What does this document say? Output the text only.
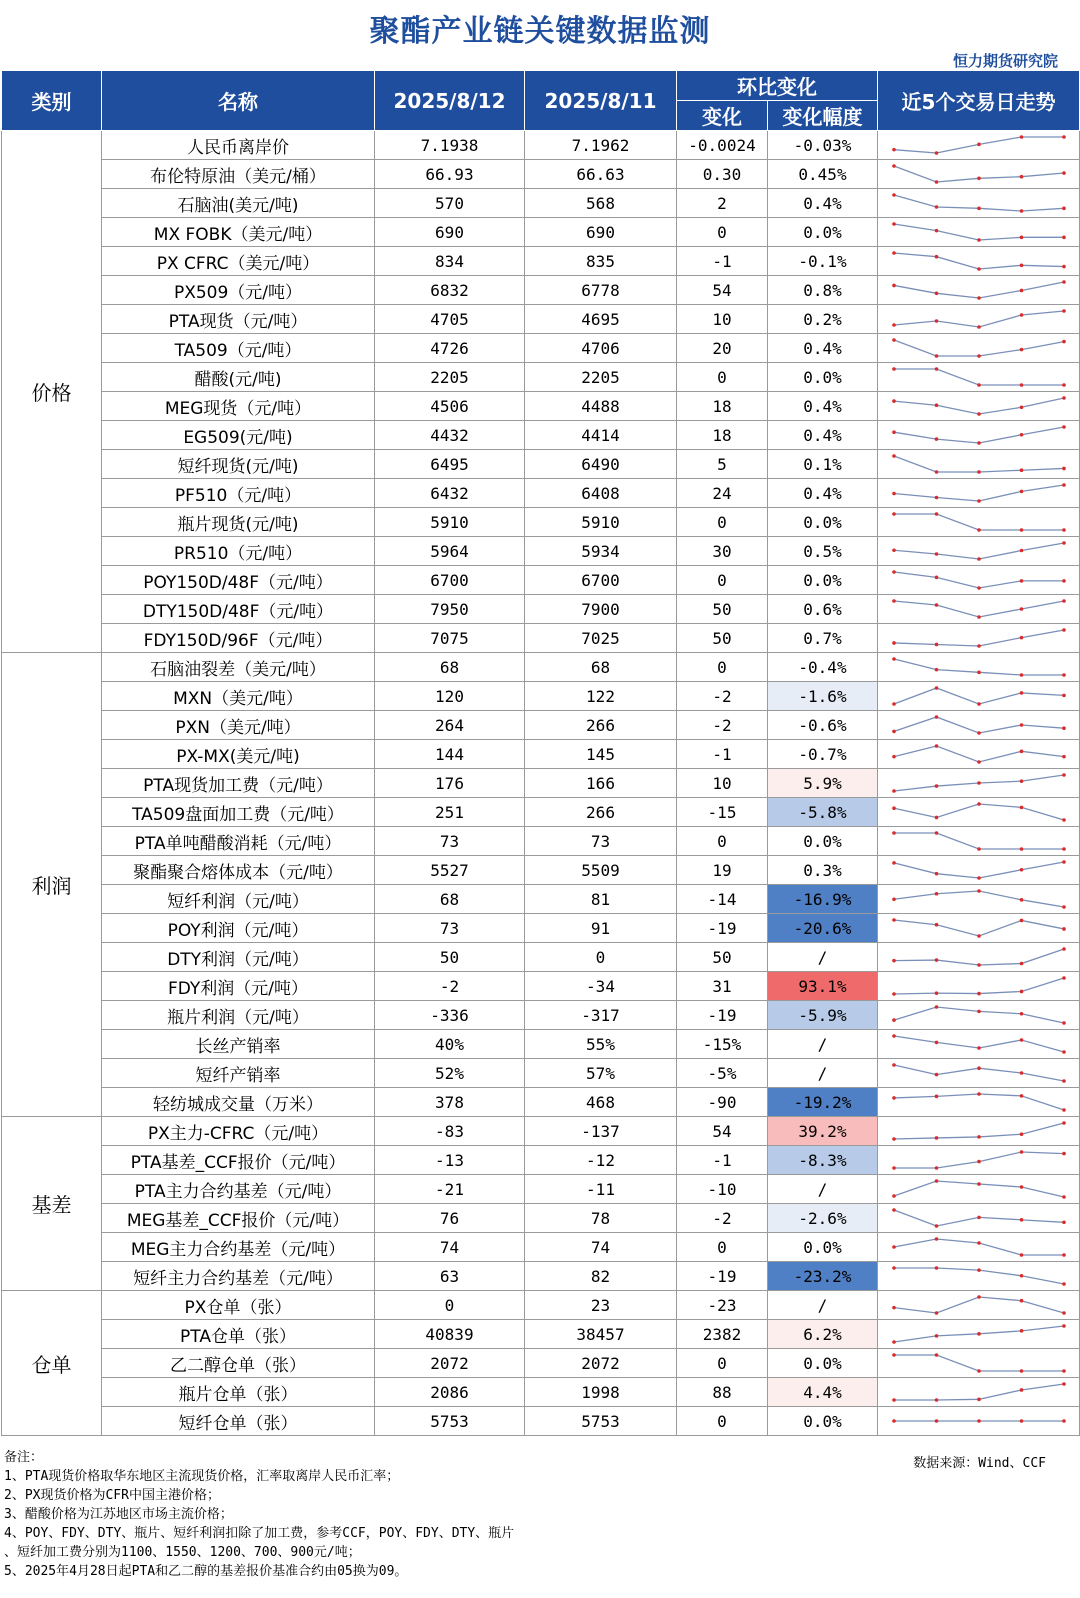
聚酯产业链关键数据监测
恒力期货研究院
类别	名称	2025/8/12	2025/8/11	环比变化		近5个交易日走势
				变化	变化幅度	
价格	人民币离岸价	7.1938	7.1962	-0.0024	-0.03%	

	布伦特原油（美元/桶）	66.93	66.63	0.30	0.45%	

	石脑油(美元/吨)	570	568	2	0.4%	

	MX FOBK（美元/吨）	690	690	0	0.0%	

	PX CFRC（美元/吨）	834	835	-1	-0.1%	

	PX509（元/吨）	6832	6778	54	0.8%	

	PTA现货（元/吨）	4705	4695	10	0.2%	

	TA509（元/吨）	4726	4706	20	0.4%	

	醋酸(元/吨)	2205	2205	0	0.0%	

	MEG现货（元/吨）	4506	4488	18	0.4%	

	EG509(元/吨)	4432	4414	18	0.4%	

	短纤现货(元/吨)	6495	6490	5	0.1%	

	PF510（元/吨）	6432	6408	24	0.4%	

	瓶片现货(元/吨)	5910	5910	0	0.0%	

	PR510（元/吨）	5964	5934	30	0.5%	

	POY150D/48F（元/吨）	6700	6700	0	0.0%	

	DTY150D/48F（元/吨）	7950	7900	50	0.6%	

	FDY150D/96F（元/吨）	7075	7025	50	0.7%	

利润	石脑油裂差（美元/吨）	68	68	0	-0.4%	

	MXN（美元/吨）	120	122	-2	-1.6%	

	PXN（美元/吨）	264	266	-2	-0.6%	

	PX-MX(美元/吨)	144	145	-1	-0.7%	

	PTA现货加工费（元/吨）	176	166	10	5.9%	

	TA509盘面加工费（元/吨）	251	266	-15	-5.8%	

	PTA单吨醋酸消耗（元/吨）	73	73	0	0.0%	

	聚酯聚合熔体成本（元/吨）	5527	5509	19	0.3%	

	短纤利润（元/吨）	68	81	-14	-16.9%	

	POY利润（元/吨）	73	91	-19	-20.6%	

	DTY利润（元/吨）	50	0	50	/	

	FDY利润（元/吨）	-2	-34	31	93.1%	

	瓶片利润（元/吨）	-336	-317	-19	-5.9%	

	长丝产销率	40%	55%	-15%	/	

	短纤产销率	52%	57%	-5%	/	

	轻纺城成交量（万米）	378	468	-90	-19.2%	

基差	PX主力-CFRC（元/吨）	-83	-137	54	39.2%	

	PTA基差_CCF报价（元/吨）	-13	-12	-1	-8.3%	

	PTA主力合约基差（元/吨）	-21	-11	-10	/	

	MEG基差_CCF报价（元/吨）	76	78	-2	-2.6%	

	MEG主力合约基差（元/吨）	74	74	0	0.0%	

	短纤主力合约基差（元/吨）	63	82	-19	-23.2%	

仓单	PX仓单（张）	0	23	-23	/	

	PTA仓单（张）	40839	38457	2382	6.2%	

	乙二醇仓单（张）	2072	2072	0	0.0%	

	瓶片仓单（张）	2086	1998	88	4.4%	

	短纤仓单（张）	5753	5753	0	0.0%	
备注：
1、PTA现货价格取华东地区主流现货价格，汇率取离岸人民币汇率；
2、PX现货价格为CFR中国主港价格；
3、醋酸价格为江苏地区市场主流价格；
4、POY、FDY、DTY、瓶片、短纤利润扣除了加工费，参考CCF，POY、FDY、DTY、瓶片
、短纤加工费分别为1100、1550、1200、700、900元/吨；
5、2025年4月28日起PTA和乙二醇的基差报价基准合约由05换为09。
数据来源：Wind、CCF
